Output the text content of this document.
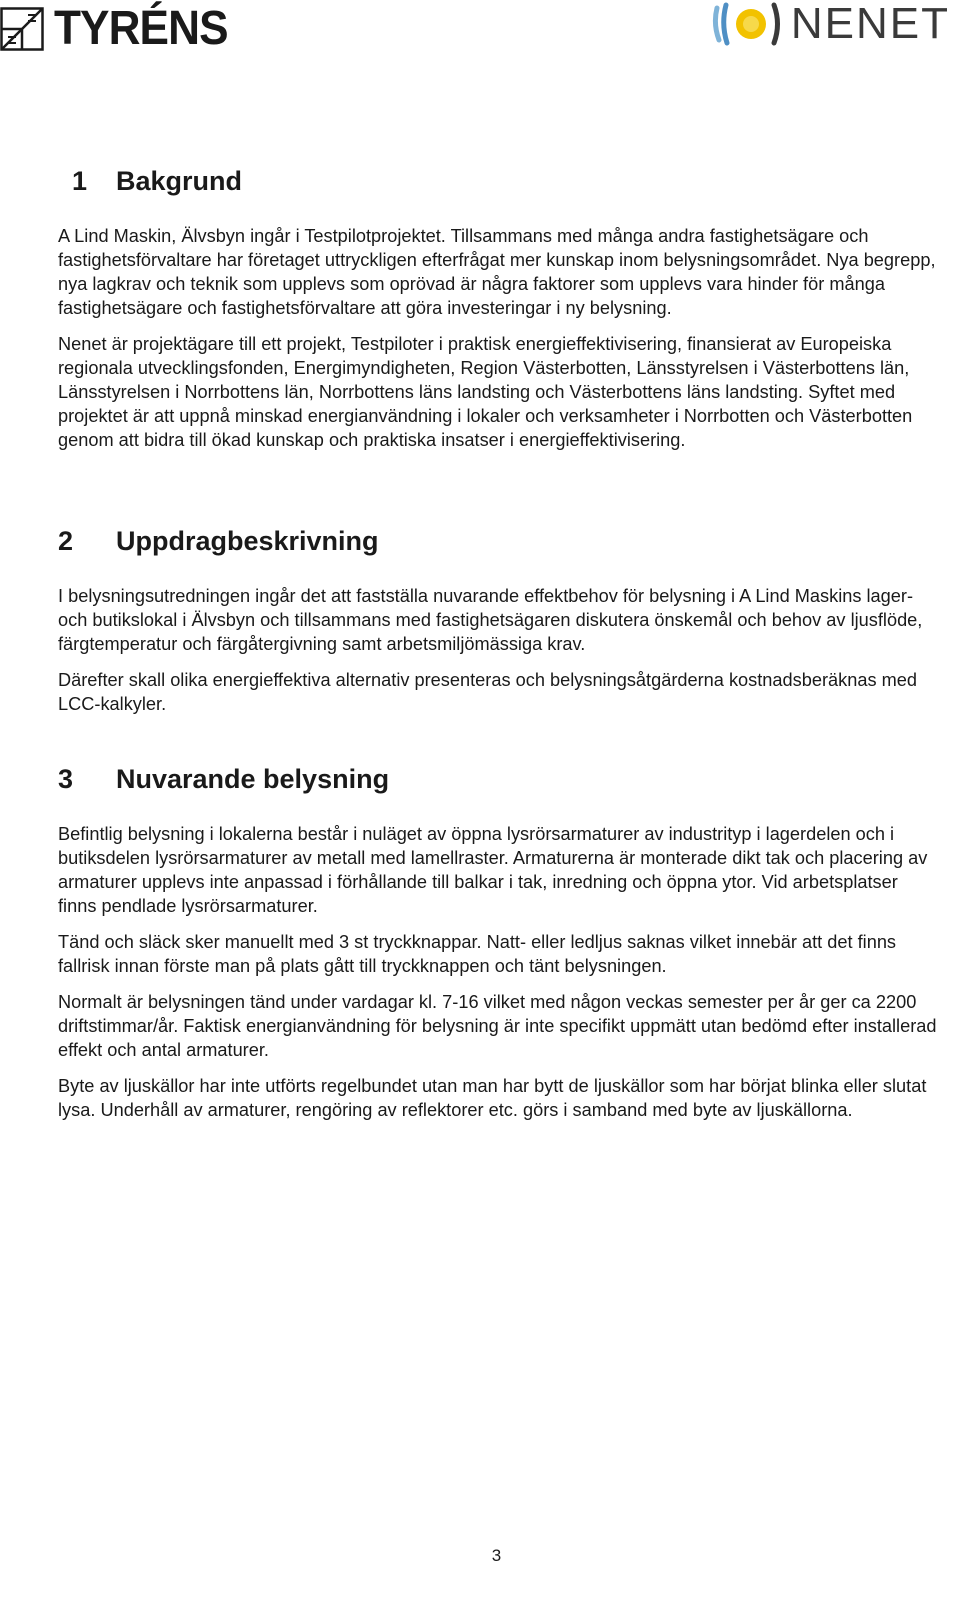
TYRÉNS	NENET
1	Bakgrund

A Lind Maskin, Älvsbyn ingår i Testpilotprojektet. Tillsammans med många andra fastighetsägare och fastighetsförvaltare har företaget uttryckligen efterfrågat mer kunskap inom belysningsområdet. Nya begrepp, nya lagkrav och teknik som upplevs som oprövad är några faktorer som upplevs vara hinder för många fastighetsägare och fastighetsförvaltare att göra investeringar i ny belysning.

Nenet är projektägare till ett projekt, Testpiloter i praktisk energieffektivisering, finansierat av Europeiska regionala utvecklingsfonden, Energimyndigheten, Region Västerbotten, Länsstyrelsen i Västerbottens län, Länsstyrelsen i Norrbottens län, Norrbottens läns landsting och Västerbottens läns landsting. Syftet med projektet är att uppnå minskad energianvändning i lokaler och verksamheter i Norrbotten och Västerbotten genom att bidra till ökad kunskap och praktiska insatser i energieffektivisering.

2	Uppdragbeskrivning

I belysningsutredningen ingår det att fastställa nuvarande effektbehov för belysning i A Lind Maskins lager- och butikslokal i Älvsbyn och tillsammans med fastighetsägaren diskutera önskemål och behov av ljusflöde, färgtemperatur och färgåtergivning samt arbetsmiljömässiga krav.

Därefter skall olika energieffektiva alternativ presenteras och belysningsåtgärderna kostnadsberäknas med LCC-kalkyler.

3	Nuvarande belysning

Befintlig belysning i lokalerna består i nuläget av öppna lysrörsarmaturer av industrityp i lagerdelen och i butiksdelen lysrörsarmaturer av metall med lamellraster. Armaturerna är monterade dikt tak och placering av armaturer upplevs inte anpassad i förhållande till balkar i tak, inredning och öppna ytor. Vid arbetsplatser finns pendlade lysrörsarmaturer.

Tänd och släck sker manuellt med 3 st tryckknappar. Natt- eller ledljus saknas vilket innebär att det finns fallrisk innan förste man på plats gått till tryckknappen och tänt belysningen.

Normalt är belysningen tänd under vardagar kl. 7-16 vilket med någon veckas semester per år ger ca 2200 driftstimmar/år. Faktisk energianvändning för belysning är inte specifikt uppmätt utan bedömd efter installerad effekt och antal armaturer.

Byte av ljuskällor har inte utförts regelbundet utan man har bytt de ljuskällor som har börjat blinka eller slutat lysa. Underhåll av armaturer, rengöring av reflektorer etc. görs i samband med byte av ljuskällorna.

3
